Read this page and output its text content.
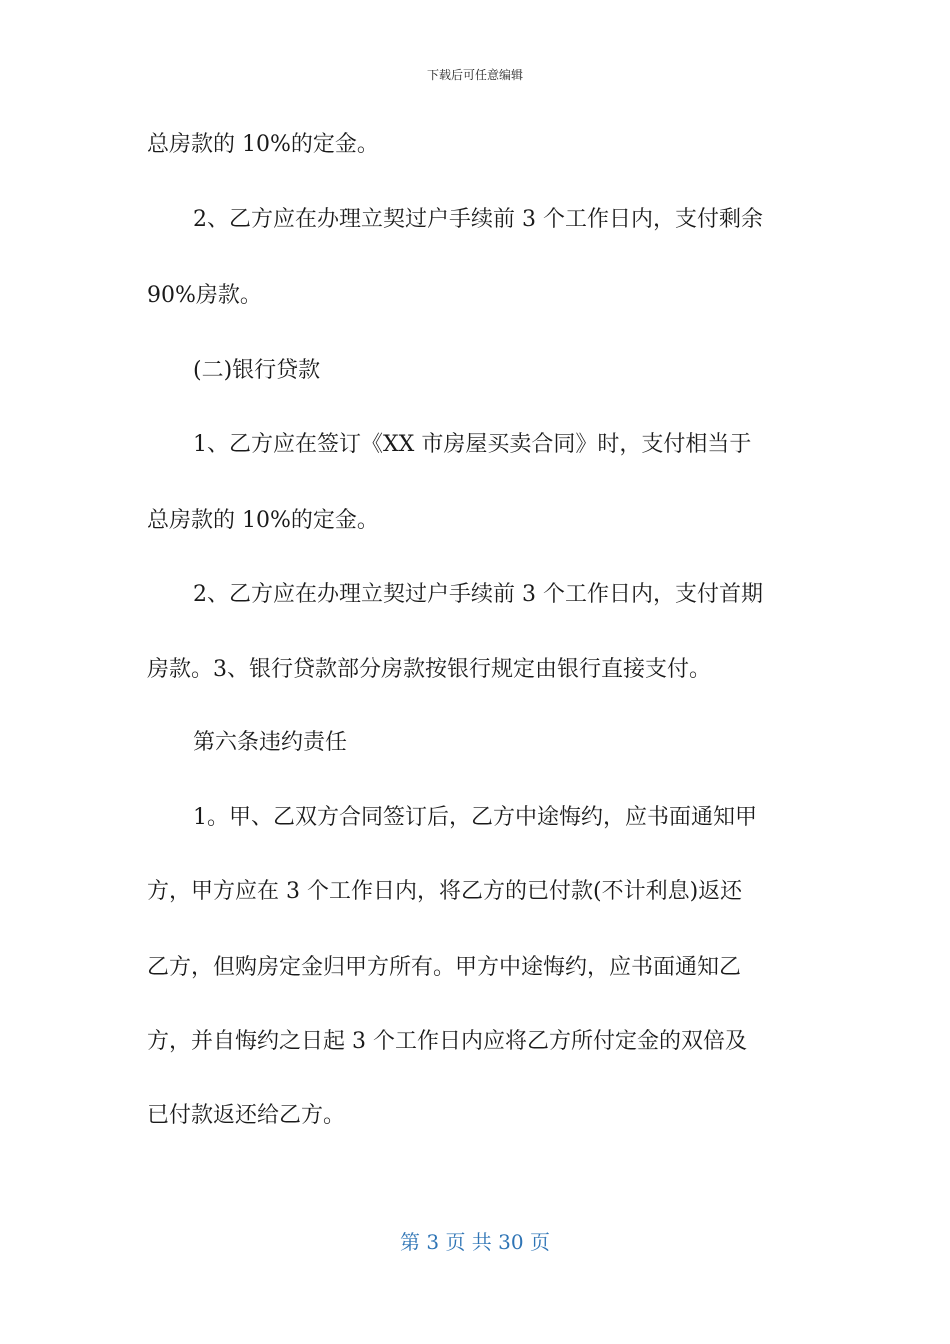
下载后可任意编辑
总房款的 10%的定金。
2、乙方应在办理立契过户手续前 3 个工作日内，支付剩余
90%房款。
(二)银行贷款
1、乙方应在签订《XX 市房屋买卖合同》时，支付相当于
总房款的 10%的定金。
2、乙方应在办理立契过户手续前 3 个工作日内，支付首期
房款。3、银行贷款部分房款按银行规定由银行直接支付。
第六条违约责任
1。甲、乙双方合同签订后，乙方中途悔约，应书面通知甲
方，甲方应在 3 个工作日内，将乙方的已付款(不计利息)返还
乙方，但购房定金归甲方所有。甲方中途悔约，应书面通知乙
方，并自悔约之日起 3 个工作日内应将乙方所付定金的双倍及
已付款返还给乙方。
第 3 页 共 30 页
